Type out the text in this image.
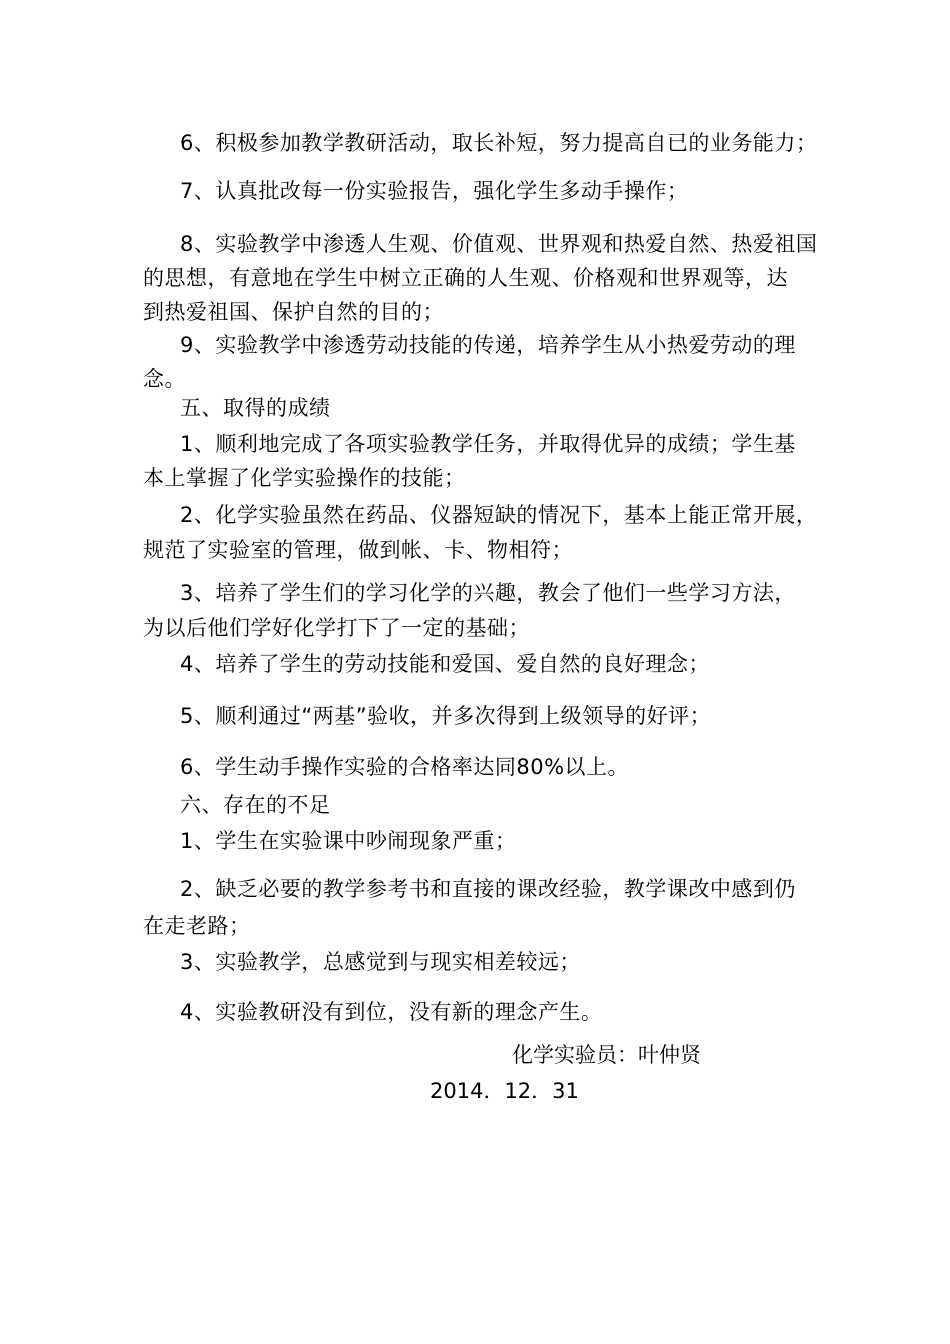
6、积极参加教学教研活动，取长补短，努力提高自已的业务能力；
7、认真批改每一份实验报告，强化学生多动手操作；
8、实验教学中渗透人生观、价值观、世界观和热爱自然、热爱祖国
的思想，有意地在学生中树立正确的人生观、价格观和世界观等，达
到热爱祖国、保护自然的目的；
9、实验教学中渗透劳动技能的传递，培养学生从小热爱劳动的理
念。
五、取得的成绩
1、顺利地完成了各项实验教学任务，并取得优异的成绩；学生基
本上掌握了化学实验操作的技能；
2、化学实验虽然在药品、仪器短缺的情况下，基本上能正常开展，
规范了实验室的管理，做到帐、卡、物相符；
3、培养了学生们的学习化学的兴趣，教会了他们一些学习方法，
为以后他们学好化学打下了一定的基础；
4、培养了学生的劳动技能和爱国、爱自然的良好理念；
5、顺利通过“两基”验收，并多次得到上级领导的好评；
6、学生动手操作实验的合格率达同80%以上。
六、存在的不足
1、学生在实验课中吵闹现象严重；
2、缺乏必要的教学参考书和直接的课改经验，教学课改中感到仍
在走老路；
3、实验教学，总感觉到与现实相差较远；
4、实验教研没有到位，没有新的理念产生。
化学实验员：叶仲贤
2014．12．31
